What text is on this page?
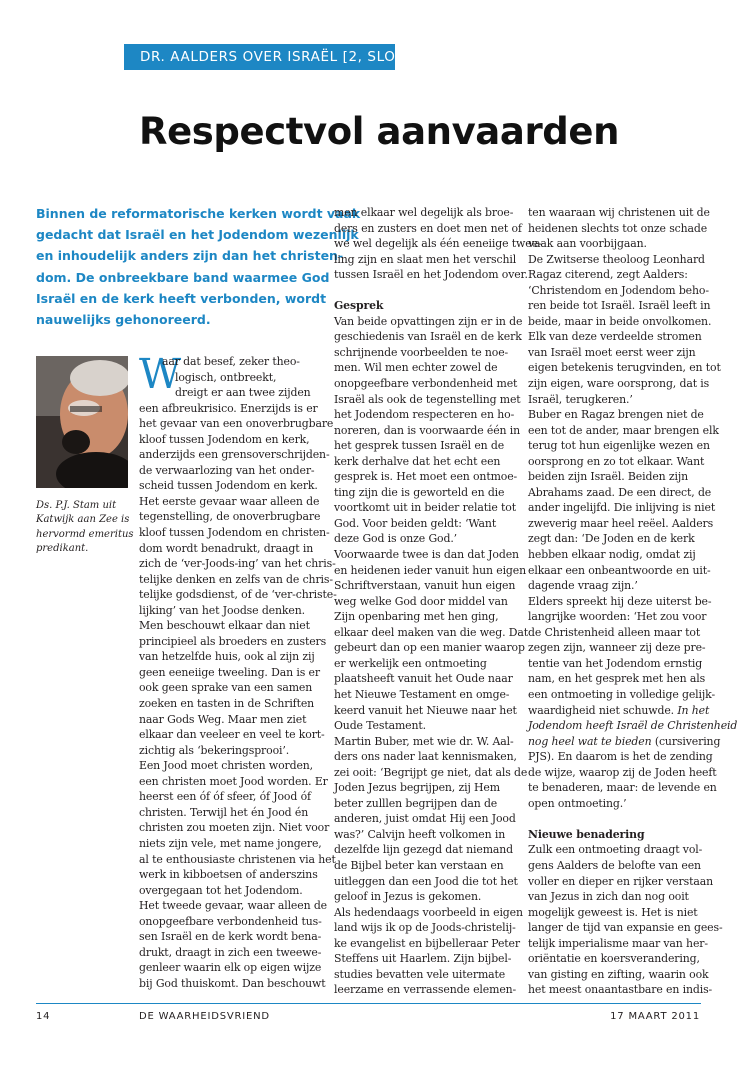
DR. AALDERS OVER ISRAËL [2, SLOT]
Respectvol aanvaarden
Binnen de reformatorische kerken wordt vaak
gedacht dat Israël en het Jodendom wezenlijk
en inhoudelijk anders zijn dan het christen-
dom. De onbreekbare band waarmee God
Israël en de kerk heeft verbonden, wordt
nauwelijks gehonoreerd.
Ds. P.J. Stam uit
Katwijk aan Zee is
hervormd emeritus
predikant.
W
aar dat besef, zeker theo-
logisch, ontbreekt,
dreigt er aan twee zijden
een afbreukrisico. Enerzijds is er
het gevaar van een onoverbrugbare
kloof tussen Jodendom en kerk,
anderzijds een grensoverschrijden-
de verwaarlozing van het onder-
scheid tussen Jodendom en kerk.
Het eerste gevaar waar alleen de
tegenstelling, de onoverbrugbare
kloof tussen Jodendom en christen-
dom wordt benadrukt, draagt in
zich de ‘ver-Joods-ing’ van het chris-
telijke denken en zelfs van de chris-
telijke godsdienst, of de ‘ver-christe-
lijking’ van het Joodse denken.
Men beschouwt elkaar dan niet
principieel als broeders en zusters
van hetzelfde huis, ook al zijn zij
geen eeneiige tweeling. Dan is er
ook geen sprake van een samen
zoeken en tasten in de Schriften
naar Gods Weg. Maar men ziet
elkaar dan veeleer en veel te kort-
zichtig als ‘bekeringsprooi’.
Een Jood moet christen worden,
een christen moet Jood worden. Er
heerst een óf óf sfeer, óf Jood óf
christen. Terwijl het én Jood én
christen zou moeten zijn. Niet voor
niets zijn vele, met name jongere,
al te enthousiaste christenen via het
werk in kibboetsen of anderszins
overgegaan tot het Jodendom.
Het tweede gevaar, waar alleen de
onopgeefbare verbondenheid tus-
sen Israël en de kerk wordt bena-
drukt, draagt in zich een tweewe-
genleer waarin elk op eigen wijze
bij God thuiskomt. Dan beschouwt
men elkaar wel degelijk als broe-
ders en zusters en doet men net of
we wel degelijk als één eeneiige twee-
ling zijn en slaat men het verschil
tussen Israël en het Jodendom over.
Gesprek
Van beide opvattingen zijn er in de
geschiedenis van Israël en de kerk
schrijnende voorbeelden te noe-
men. Wil men echter zowel de
onopgeefbare verbondenheid met
Israël als ook de tegenstelling met
het Jodendom respecteren en ho-
noreren, dan is voorwaarde één in
het gesprek tussen Israël en de
kerk derhalve dat het echt een
gesprek is. Het moet een ontmoe-
ting zijn die is geworteld en die
voortkomt uit in beider relatie tot
God. Voor beiden geldt: ‘Want
deze God is onze God.’
Voorwaarde twee is dan dat Joden
en heidenen ieder vanuit hun eigen
Schriftverstaan, vanuit hun eigen
weg welke God door middel van
Zijn openbaring met hen ging,
elkaar deel maken van die weg. Dat
gebeurt dan op een manier waarop
er werkelijk een ontmoeting
plaatsheeft vanuit het Oude naar
het Nieuwe Testament en omge-
keerd vanuit het Nieuwe naar het
Oude Testament.
Martin Buber, met wie dr. W. Aal-
ders ons nader laat kennismaken,
zei ooit: ‘Begrijpt ge niet, dat als de
Joden Jezus begrijpen, zij Hem
beter zulllen begrijpen dan de
anderen, juist omdat Hij een Jood
was?’ Calvijn heeft volkomen in
dezelfde lijn gezegd dat niemand
de Bijbel beter kan verstaan en
uitleggen dan een Jood die tot het
geloof in Jezus is gekomen.
Als hedendaags voorbeeld in eigen
land wijs ik op de Joods-christelij-
ke evangelist en bijbelleraar Peter
Steffens uit Haarlem. Zijn bijbel-
studies bevatten vele uitermate
leerzame en verrassende elemen-
ten waaraan wij christenen uit de
heidenen slechts tot onze schade
vaak aan voorbijgaan.
De Zwitserse theoloog Leonhard
Ragaz citerend, zegt Aalders:
‘Christendom en Jodendom beho-
ren beide tot Israël. Israël leeft in
beide, maar in beide onvolkomen.
Elk van deze verdeelde stromen
van Israël moet eerst weer zijn
eigen betekenis terugvinden, en tot
zijn eigen, ware oorsprong, dat is
Israël, terugkeren.’
Buber en Ragaz brengen niet de
een tot de ander, maar brengen elk
terug tot hun eigenlijke wezen en
oorsprong en zo tot elkaar. Want
beiden zijn Israël. Beiden zijn
Abrahams zaad. De een direct, de
ander ingelijfd. Die inlijving is niet
zweverig maar heel reëel. Aalders
zegt dan: ‘De Joden en de kerk
hebben elkaar nodig, omdat zij
elkaar een onbeantwoorde en uit-
dagende vraag zijn.’
Elders spreekt hij deze uiterst be-
langrijke woorden: ‘Het zou voor
de Christenheid alleen maar tot
zegen zijn, wanneer zij deze pre-
tentie van het Jodendom ernstig
nam, en het gesprek met hen als
een ontmoeting in volledige gelijk-
waardigheid niet schuwde. In het
Jodendom heeft Israël de Christenheid
nog heel wat te bieden (cursivering
PJS). En daarom is het de zending
de wijze, waarop zij de Joden heeft
te benaderen, maar: de levende en
open ontmoeting.’
Nieuwe benadering
Zulk een ontmoeting draagt vol-
gens Aalders de belofte van een
voller en dieper en rijker verstaan
van Jezus in zich dan nog ooit
mogelijk geweest is. Het is niet
langer de tijd van expansie en gees-
telijk imperialisme maar van her-
oriëntatie en koersverandering,
van gisting en zifting, waarin ook
het meest onaantastbare en indis-
14	DE WAARHEIDSVRIEND	17 MAART 2011
